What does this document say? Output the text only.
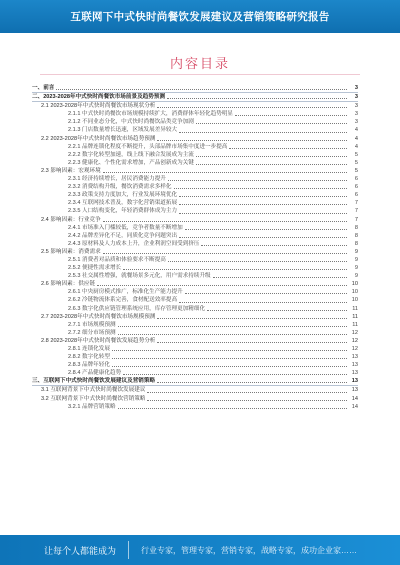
互联网下中式快时尚餐饮发展建议及营销策略研究报告
内容目录
一、前言	3
二、2023-2028年中式快时尚餐饮市场前景及趋势预测	3
2.1 2023-2028年中式快时尚餐饮市场现状分析	3
2.1.1 中式快时尚餐饮市场规模持续扩大，消费群体年轻化趋势明显	3
2.1.2 不同业态分化，中式快时尚餐饮品类竞争加剧	3
2.1.3 门店数量增长迅速，区域发展差异较大	4
2.2 2023-2028年中式快时尚餐饮市场趋势预测	4
2.2.1 品牌连锁化程度不断提升，头部品牌市场集中度进一步提高	4
2.2.2 数字化转型加速，线上线下融合发展成为主流	5
2.2.3 健康化、个性化需求增加，产品创新成为关键	5
2.3 影响因素：宏观环境	5
2.3.1 经济持续增长，居民消费能力提升	6
2.3.2 消费结构升级，餐饮消费需求多样化	6
2.3.3 政策支持力度加大，行业发展环境优化	6
2.3.4 互联网技术普及，数字化营销渠道拓展	7
2.3.5 人口结构变化，年轻消费群体成为主力	7
2.4 影响因素：行业竞争	7
2.4.1 市场准入门槛较低，竞争者数量不断增加	8
2.4.2 品牌差异化不足，同质化竞争问题突出	8
2.4.3 原材料及人力成本上升，企业利润空间受到挤压	8
2.5 影响因素：消费需求	9
2.5.1 消费者对品质和体验要求不断提高	9
2.5.2 便捷性需求增长	9
2.5.3 社交属性增强，就餐场景多元化，用户需求持续升级	9
2.6 影响因素：供应链	10
2.6.1 中央厨房模式推广，标准化生产能力提升	10
2.6.2 冷链物流体系完善，食材配送效率提高	10
2.6.3 数字化供应链管理系统应用，库存管理更加精细化	11
2.7 2023-2028年中式快时尚餐饮市场规模预测	11
2.7.1 市场规模预测	11
2.7.2 细分市场预测	12
2.8 2023-2028年中式快时尚餐饮发展趋势分析	12
2.8.1 连锁化发展	12
2.8.2 数字化转型	13
2.8.3 品牌年轻化	13
2.8.4 产品健康化趋势	13
三、互联网下中式快时尚餐饮发展建议及营销策略	13
3.1 互联网背景下中式快时尚餐饮发展建议	13
3.2 互联网背景下中式快时尚餐饮营销策略	14
3.2.1 品牌营销策略	14
让每个人都能成为	行业专家，管理专家，营销专家，战略专家，成功企业家……
